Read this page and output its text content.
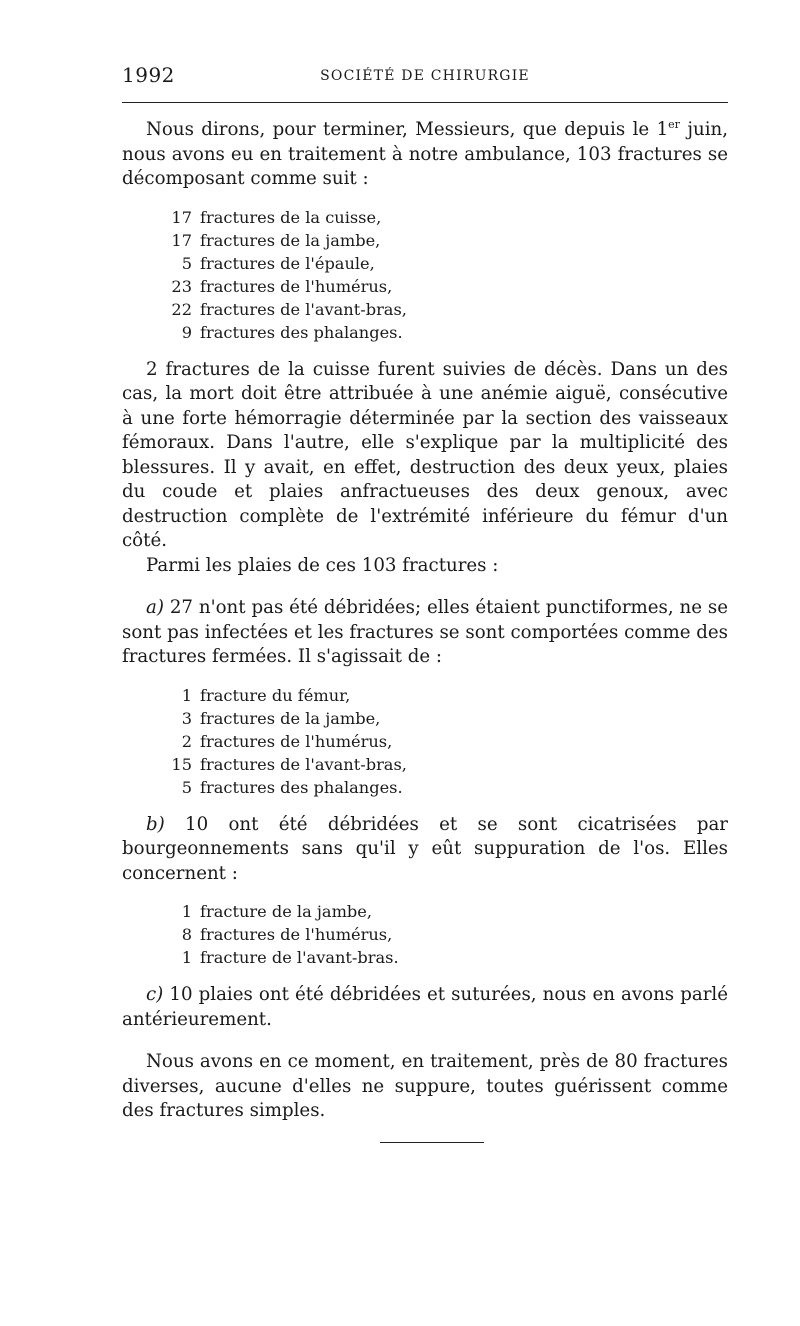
1992	SOCIÉTÉ DE CHIRURGIE

Nous dirons, pour terminer, Messieurs, que depuis le 1er juin, nous avons eu en traitement à notre ambulance, 103 fractures se décomposant comme suit :

17 fractures de la cuisse,
17 fractures de la jambe,
5 fractures de l'épaule,
23 fractures de l'humérus,
22 fractures de l'avant-bras,
9 fractures des phalanges.

2 fractures de la cuisse furent suivies de décès. Dans un des cas, la mort doit être attribuée à une anémie aiguë, consécutive à une forte hémorragie déterminée par la section des vaisseaux fémoraux. Dans l'autre, elle s'explique par la multiplicité des blessures. Il y avait, en effet, destruction des deux yeux, plaies du coude et plaies anfractueuses des deux genoux, avec destruction complète de l'extrémité inférieure du fémur d'un côté.

Parmi les plaies de ces 103 fractures :

a) 27 n'ont pas été débridées; elles étaient punctiformes, ne se sont pas infectées et les fractures se sont comportées comme des fractures fermées. Il s'agissait de :

1 fracture du fémur,
3 fractures de la jambe,
2 fractures de l'humérus,
15 fractures de l'avant-bras,
5 fractures des phalanges.

b) 10 ont été débridées et se sont cicatrisées par bourgeonnements sans qu'il y eût suppuration de l'os. Elles concernent :

1 fracture de la jambe,
8 fractures de l'humérus,
1 fracture de l'avant-bras.

c) 10 plaies ont été débridées et suturées, nous en avons parlé antérieurement.

Nous avons en ce moment, en traitement, près de 80 fractures diverses, aucune d'elles ne suppure, toutes guérissent comme des fractures simples.
